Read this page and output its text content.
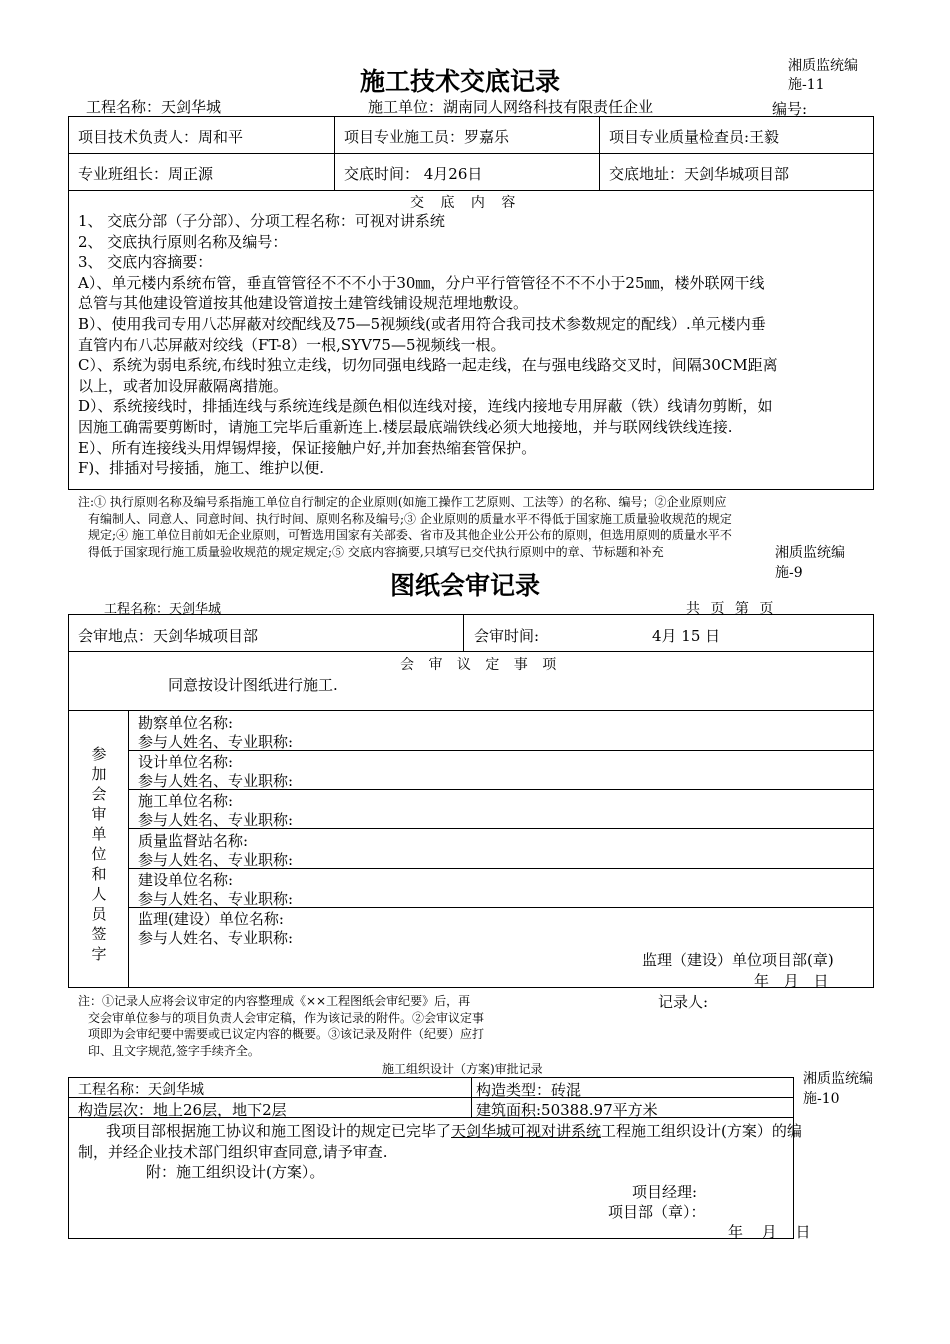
湘质监统编
施-11
施工技术交底记录
工程名称：天剑华城	施工单位：湖南同人网络科技有限责任企业	编号:
项目技术负责人：周和平	项目专业施工员：罗嘉乐	项目专业质量检查员:王毅
专业班组长：周正源	交底时间： 4月26日	交底地址：天剑华城项目部
交 底 内 容
1、 交底分部（子分部）、分项工程名称：可视对讲系统
2、 交底执行原则名称及编号：
3、 交底内容摘要：
A）、单元楼内系统布管，垂直管管径不不不小于30㎜，分户平行管管径不不不小于25㎜，楼外联网干线
总管与其他建设管道按其他建设管道按土建管线铺设规范埋地敷设。
B）、使用我司专用八芯屏蔽对绞配线及75—5视频线(或者用符合我司技术参数规定的配线）.单元楼内垂
直管内布八芯屏蔽对绞线（FT-8）一根,SYV75—5视频线一根。
C）、系统为弱电系统,布线时独立走线，切勿同强电线路一起走线，在与强电线路交叉时，间隔30CM距离
以上，或者加设屏蔽隔离措施。
D）、系统接线时，排插连线与系统连线是颜色相似连线对接，连线内接地专用屏蔽（铁）线请勿剪断，如
因施工确需要剪断时，请施工完毕后重新连上.楼层最底端铁线必须大地接地，并与联网线铁线连接.
E）、所有连接线头用焊锡焊接，保证接触户好,并加套热缩套管保护。
F)、排插对号接插，施工、维护以便.
注:① 执行原则名称及编号系指施工单位自行制定的企业原则(如施工操作工艺原则、工法等）的名称、编号；②企业原则应
有编制人、同意人、同意时间、执行时间、原则名称及编号;③ 企业原则的质量水平不得低于国家施工质量验收规范的规定
规定;④ 施工单位目前如无企业原则，可暂选用国家有关部委、省市及其他企业公开公布的原则，但选用原则的质量水平不
得低于国家现行施工质量验收规范的规定规定;⑤ 交底内容摘要,只填写已交代执行原则中的章、节标题和补充	湘质监统编
施-9
图纸会审记录
工程名称：天剑华城	共 页 第 页
会审地点：天剑华城项目部	会审时间:	4月 15 日
会 审 议 定 事 项
同意按设计图纸进行施工.
参加会审单位和人员签字
勘察单位名称:
参与人姓名、专业职称:
设计单位名称:
参与人姓名、专业职称:
施工单位名称:
参与人姓名、专业职称:
质量监督站名称:
参与人姓名、专业职称:
建设单位名称:
参与人姓名、专业职称:
监理(建设）单位名称:
参与人姓名、专业职称:
监理（建设）单位项目部(章)
年 月 日
注：①记录人应将会议审定的内容整理成《××工程图纸会审纪要》后，再
交会审单位参与的项目负责人会审定稿，作为该记录的附件。②会审议定事
项即为会审纪要中需要或已议定内容的概要。③该记录及附件（纪要）应打
印、且文字规范,签字手续齐全。
记录人:
施工组织设计（方案)审批记录
湘质监统编
施-10
工程名称：天剑华城	构造类型：砖混
构造层次：地上26层，地下2层	建筑面积:50388.97平方米
我项目部根据施工协议和施工图设计的规定已完毕了天剑华城可视对讲系统工程施工组织设计(方案）的编
制，并经企业技术部门组织审查同意,请予审查.
附：施工组织设计(方案）。
项目经理:
项目部（章）：
年 月 日
